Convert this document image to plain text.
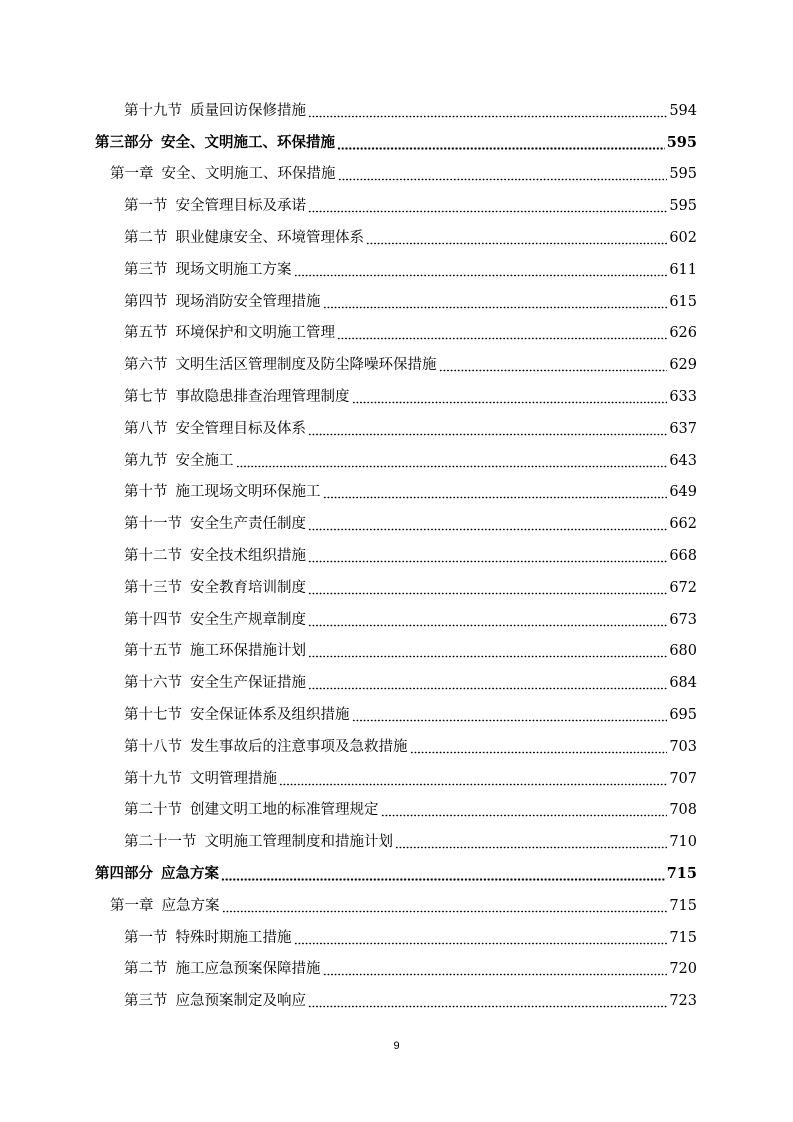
第十九节 质量回访保修措施	594
第三部分 安全、文明施工、环保措施	595
第一章 安全、文明施工、环保措施	595
第一节 安全管理目标及承诺	595
第二节 职业健康安全、环境管理体系	602
第三节 现场文明施工方案	611
第四节 现场消防安全管理措施	615
第五节 环境保护和文明施工管理	626
第六节 文明生活区管理制度及防尘降噪环保措施	629
第七节 事故隐患排查治理管理制度	633
第八节 安全管理目标及体系	637
第九节 安全施工	643
第十节 施工现场文明环保施工	649
第十一节 安全生产责任制度	662
第十二节 安全技术组织措施	668
第十三节 安全教育培训制度	672
第十四节 安全生产规章制度	673
第十五节 施工环保措施计划	680
第十六节 安全生产保证措施	684
第十七节 安全保证体系及组织措施	695
第十八节 发生事故后的注意事项及急救措施	703
第十九节 文明管理措施	707
第二十节 创建文明工地的标准管理规定	708
第二十一节 文明施工管理制度和措施计划	710
第四部分 应急方案	715
第一章 应急方案	715
第一节 特殊时期施工措施	715
第二节 施工应急预案保障措施	720
第三节 应急预案制定及响应	723
9
